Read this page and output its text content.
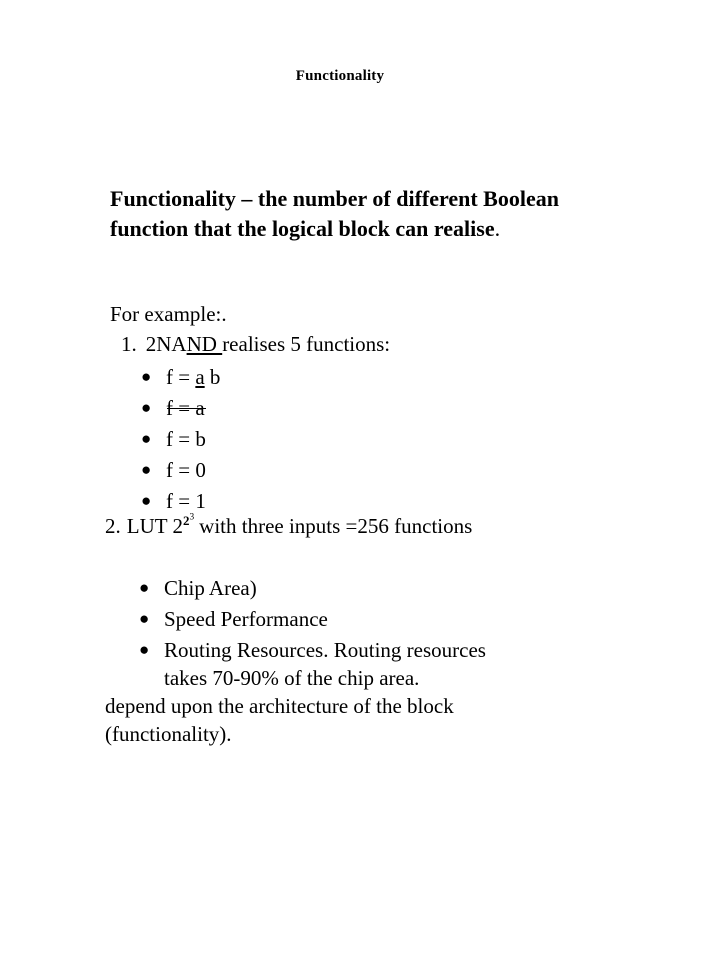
Functionality
Functionality – the number of different Boolean function that the logical block can realise.
For example:.
1. 2NAND realises 5 functions:
● f = a b
● f = a
● f = b
● f = 0
● f = 1
2. LUT $2^{2^3}$ with three inputs =256 functions
● Chip Area)
● Speed Performance
● Routing Resources. Routing resources
takes 70-90% of the chip area.
depend upon the architecture of the block
(functionality).
